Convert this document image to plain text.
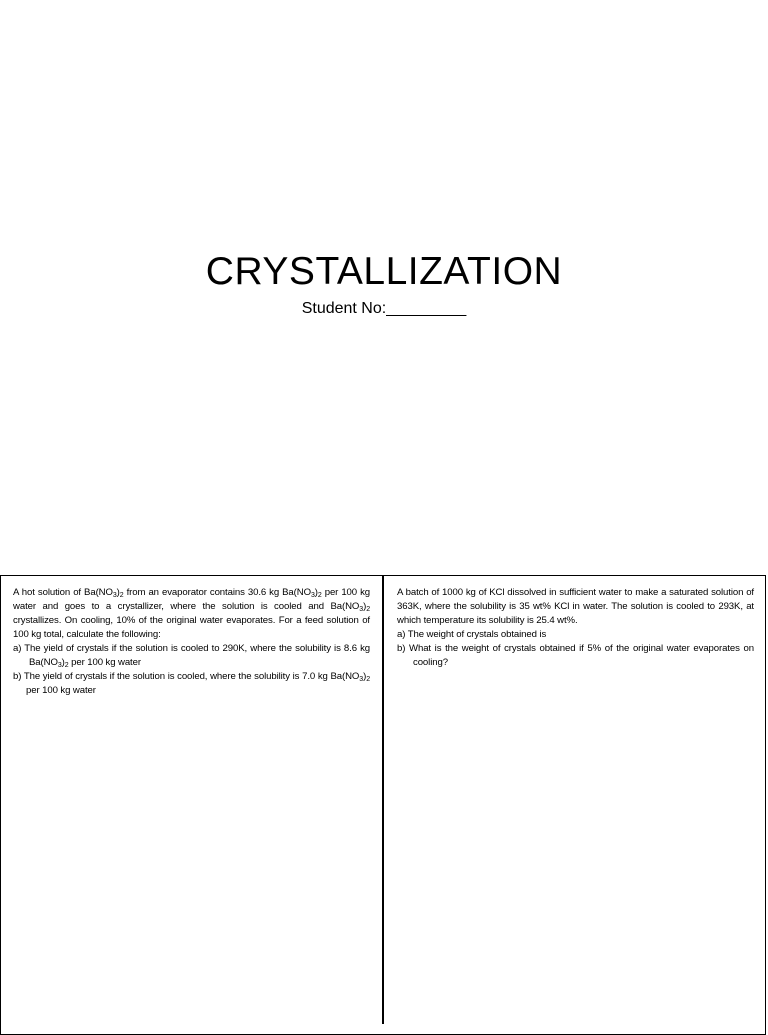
CRYSTALLIZATION
Student No:_________

A hot solution of $Ba(NO_3)_2$ from an evaporator contains 30.6 kg $Ba(NO_3)_2$ per 100 kg water and goes to a crystallizer, where the solution is cooled and $Ba(NO_3)_2$ crystallizes. On cooling, 10% of the original water evaporates. For a feed solution of 100 kg total, calculate the following:

a) The yield of crystals if the solution is cooled to 290K, where the solubility is 8.6 kg $Ba(NO_3)_2$ per 100 kg water

b) The yield of crystals if the solution is cooled, where the solubility is 7.0 kg $Ba(NO_3)_2$ per 100 kg water

A batch of 1000 kg of KCl dissolved in sufficient water to make a saturated solution of 363K, where the solubility is 35 wt% KCl in water. The solution is cooled to 293K, at which temperature its solubility is 25.4 wt%.

a) The weight of crystals obtained is

b) What is the weight of crystals obtained if 5% of the original water evaporates on cooling?
